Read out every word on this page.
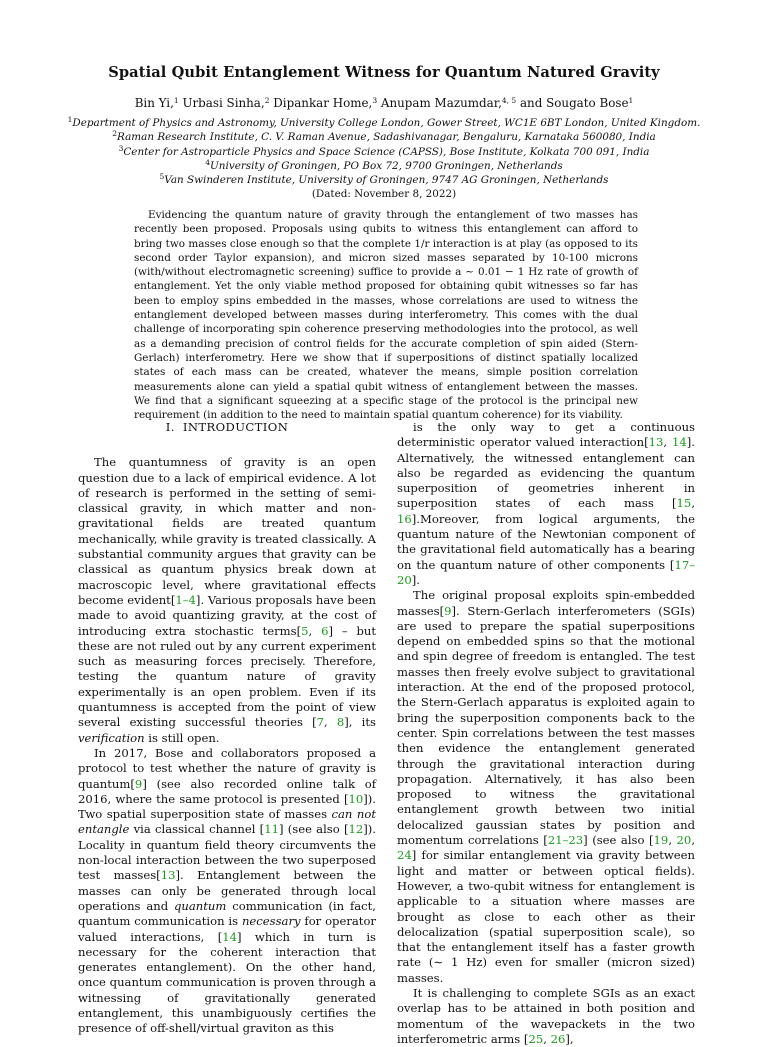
Spatial Qubit Entanglement Witness for Quantum Natured Gravity
Bin Yi,$^1$ Urbasi Sinha,$^2$ Dipankar Home,$^3$ Anupam Mazumdar,$^{4, 5}$ and Sougato Bose$^1$
$^1$Department of Physics and Astronomy, University College London, Gower Street, WC1E 6BT London, United Kingdom.
$^2$Raman Research Institute, C. V. Raman Avenue, Sadashivanagar, Bengaluru, Karnataka 560080, India
$^3$Center for Astroparticle Physics and Space Science (CAPSS), Bose Institute, Kolkata 700 091, India
$^4$University of Groningen, PO Box 72, 9700 Groningen, Netherlands
$^5$Van Swinderen Institute, University of Groningen, 9747 AG Groningen, Netherlands
(Dated: November 8, 2022)
Evidencing the quantum nature of gravity through the entanglement of two masses has recently been proposed. Proposals using qubits to witness this entanglement can afford to bring two masses close enough so that the complete 1/r interaction is at play (as opposed to its second order Taylor expansion), and micron sized masses separated by 10-100 microns (with/without electromagnetic screening) suffice to provide a ∼ 0.01 − 1 Hz rate of growth of entanglement. Yet the only viable method proposed for obtaining qubit witnesses so far has been to employ spins embedded in the masses, whose correlations are used to witness the entanglement developed between masses during interferometry. This comes with the dual challenge of incorporating spin coherence preserving methodologies into the protocol, as well as a demanding precision of control fields for the accurate completion of spin aided (Stern-Gerlach) interferometry. Here we show that if superpositions of distinct spatially localized states of each mass can be created, whatever the means, simple position correlation measurements alone can yield a spatial qubit witness of entanglement between the masses. We find that a significant squeezing at a specific stage of the protocol is the principal new requirement (in addition to the need to maintain spatial quantum coherence) for its viability.
I. INTRODUCTION

The quantumness of gravity is an open question due to a lack of empirical evidence. A lot of research is performed in the setting of semi-classical gravity, in which matter and non-gravitational fields are treated quantum mechanically, while gravity is treated classically. A substantial community argues that gravity can be classical as quantum physics break down at macroscopic level, where gravitational effects become evident[1–4]. Various proposals have been made to avoid quantizing gravity, at the cost of introducing extra stochastic terms[5, 6] – but these are not ruled out by any current experiment such as measuring forces precisely. Therefore, testing the quantum nature of gravity experimentally is an open problem. Even if its quantumness is accepted from the point of view several existing successful theories [7, 8], its verification is still open.

In 2017, Bose and collaborators proposed a protocol to test whether the nature of gravity is quantum[9] (see also recorded online talk of 2016, where the same protocol is presented [10]). Two spatial superposition state of masses can not entangle via classical channel [11] (see also [12]). Locality in quantum field theory circumvents the non-local interaction between the two superposed test masses[13]. Entanglement between the masses can only be generated through local operations and quantum communication (in fact, quantum communication is necessary for operator valued interactions, [14] which in turn is necessary for the coherent interaction that generates entanglement). On the other hand, once quantum communication is proven through a witnessing of gravitationally generated entanglement, this unambiguously certifies the presence of off-shell/virtual graviton as this

is the only way to get a continuous deterministic operator valued interaction[13, 14]. Alternatively, the witnessed entanglement can also be regarded as evidencing the quantum superposition of geometries inherent in superposition states of each mass [15, 16].Moreover, from logical arguments, the quantum nature of the Newtonian component of the gravitational field automatically has a bearing on the quantum nature of other components [17–20].

The original proposal exploits spin-embedded masses[9]. Stern-Gerlach interferometers (SGIs) are used to prepare the spatial superpositions depend on embedded spins so that the motional and spin degree of freedom is entangled. The test masses then freely evolve subject to gravitational interaction. At the end of the proposed protocol, the Stern-Gerlach apparatus is exploited again to bring the superposition components back to the center. Spin correlations between the test masses then evidence the entanglement generated through the gravitational interaction during propagation. Alternatively, it has also been proposed to witness the gravitational entanglement growth between two initial delocalized gaussian states by position and momentum correlations [21–23] (see also [19, 20, 24] for similar entanglement via gravity between light and matter or between optical fields). However, a two-qubit witness for entanglement is applicable to a situation where masses are brought as close to each other as their delocalization (spatial superposition scale), so that the entanglement itself has a faster growth rate (∼ 1 Hz) even for smaller (micron sized) masses.

It is challenging to complete SGIs as an exact overlap has to be attained in both position and momentum of the wavepackets in the two interferometric arms [25, 26],
